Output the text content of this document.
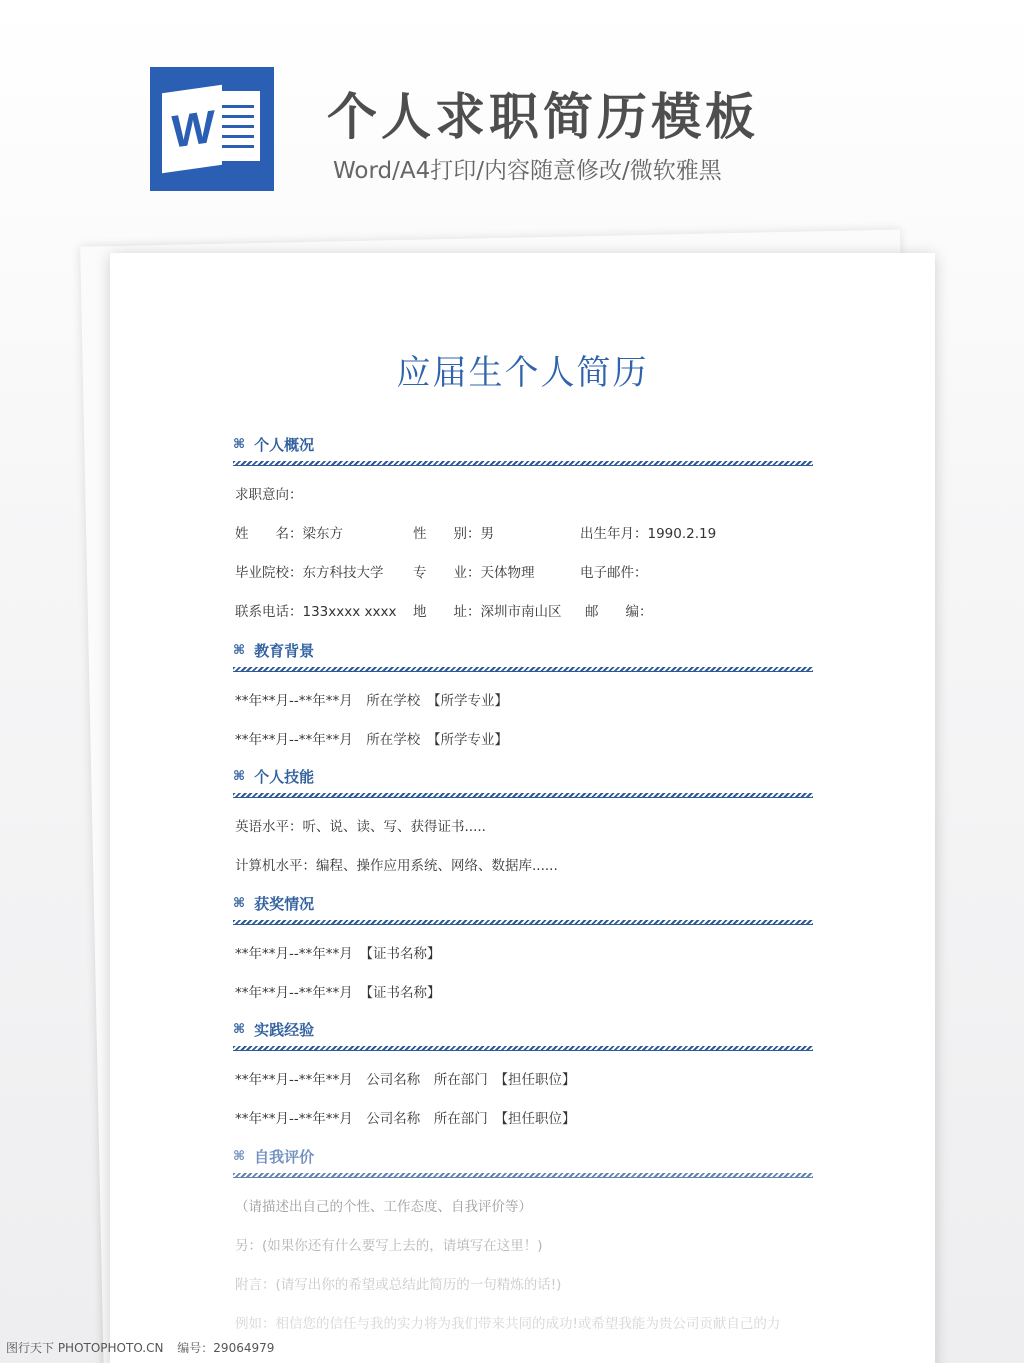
W 个人求职简历模板
Word/A4打印/内容随意修改/微软雅黑
应届生个人简历
⌘ 个人概况
求职意向：
姓　　名：梁东方	性　　别：男	出生年月：1990.2.19
毕业院校：东方科技大学 专　　业：天体物理	电子邮件：
联系电话：133xxxx xxxx 地　　址：深圳市南山区 邮　　编：
⌘ 教育背景
**年**月--**年**月　所在学校　【所学专业】
**年**月--**年**月　所在学校　【所学专业】
⌘ 个人技能
英语水平：听、说、读、写、获得证书.....
计算机水平：编程、操作应用系统、网络、数据库......
⌘ 获奖情况
**年**月--**年**月　【证书名称】
**年**月--**年**月　【证书名称】
⌘ 实践经验
**年**月--**年**月　公司名称　所在部门　【担任职位】
**年**月--**年**月　公司名称　所在部门　【担任职位】
⌘ 自我评价
（请描述出自己的个性、工作态度、自我评价等）
另：(如果你还有什么要写上去的，请填写在这里！)
附言：(请写出你的希望或总结此简历的一句精炼的话!)
例如：相信您的信任与我的实力将为我们带来共同的成功!或希望我能为贵公司贡献自己的力
图行天下 PHOTOPHOTO.CN 编号：29064979
